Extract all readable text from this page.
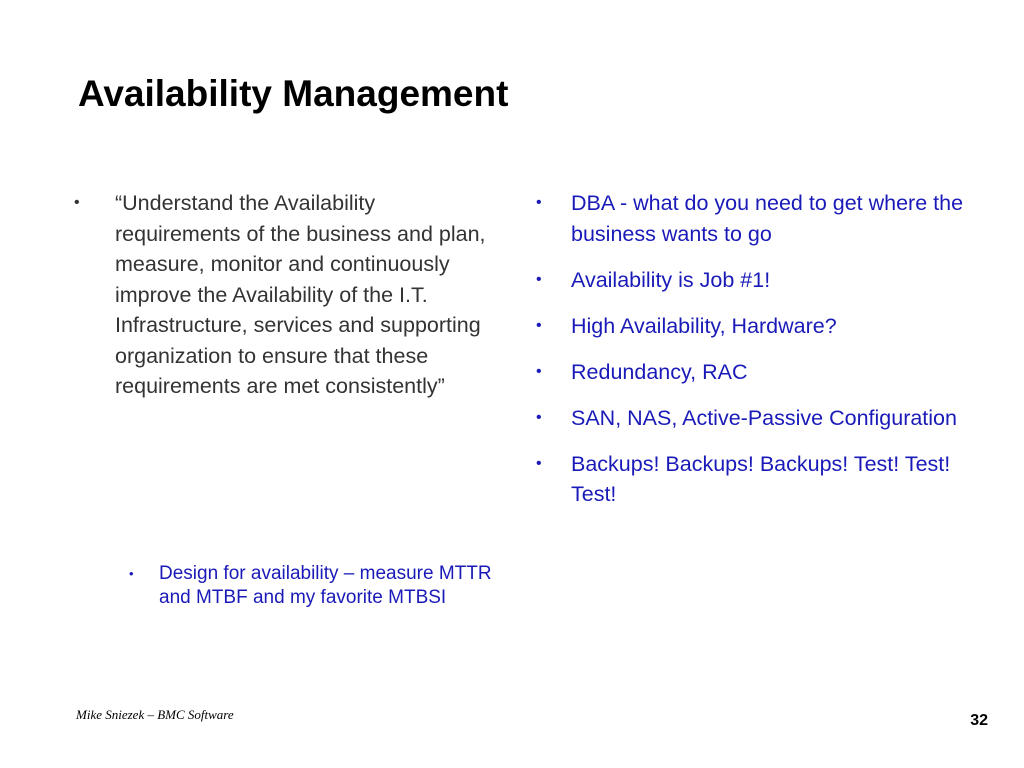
Availability Management
• “Understand the Availability requirements of the business and plan, measure, monitor and continuously improve the Availability of the I.T. Infrastructure, services and supporting organization to ensure that these requirements are met consistently”
• Design for availability – measure MTTR and MTBF and my favorite MTBSI
• DBA - what do you need to get where the business wants to go
• Availability is Job #1!
• High Availability, Hardware?
• Redundancy, RAC
• SAN, NAS, Active-Passive Configuration
• Backups! Backups! Backups! Test! Test! Test!
Mike Sniezek – BMC Software	32
